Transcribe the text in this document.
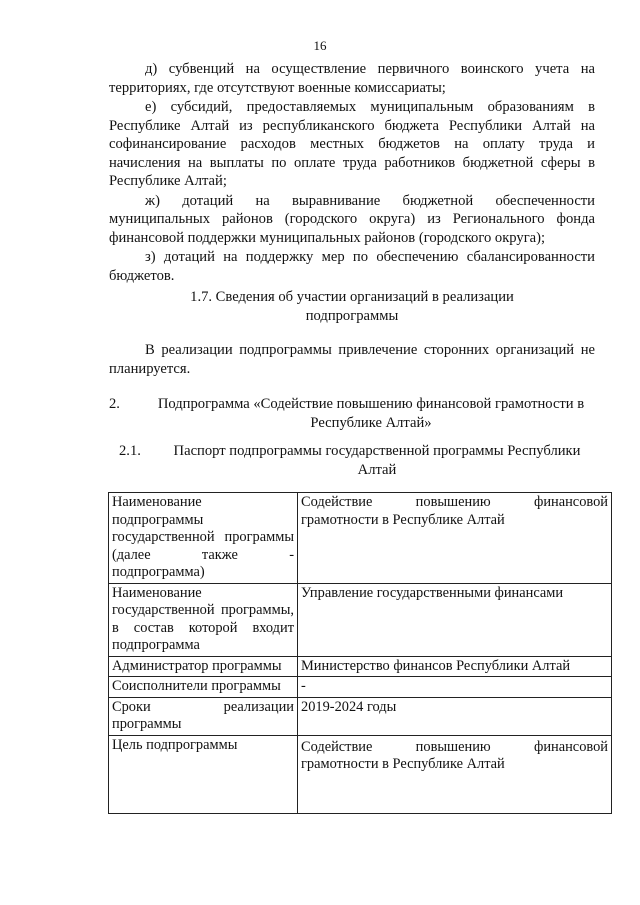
16

д) субвенций на осуществление первичного воинского учета на территориях, где отсутствуют военные комиссариаты;

е) субсидий, предоставляемых муниципальным образованиям в Республике Алтай из республиканского бюджета Республики Алтай на софинансирование расходов местных бюджетов на оплату труда и начисления на выплаты по оплате труда работников бюджетной сферы в Республике Алтай;

ж) дотаций на выравнивание бюджетной обеспеченности муниципальных районов (городского округа) из Регионального фонда финансовой поддержки муниципальных районов (городского округа);

з) дотаций на поддержку мер по обеспечению сбалансированности бюджетов.

1.7. Сведения об участии организаций в реализации
подпрограммы

В реализации подпрограммы привлечение сторонних организаций не планируется.

2.	Подпрограмма «Содействие повышению финансовой грамотности в Республике Алтай»
2.1.	Паспорт подпрограммы государственной программы Республики Алтай
Наименование подпрограммы государственной программы (далее также - подпрограмма)	Содействие повышению финансовой грамотности в Республике Алтай
Наименование государственной программы, в состав которой входит подпрограмма	Управление государственными финансами
Администратор программы	Министерство финансов Республики Алтай
Соисполнители программы	-
Сроки реализации программы	2019-2024 годы
Цель подпрограммы	Содействие повышению финансовой грамотности в Республике Алтай
